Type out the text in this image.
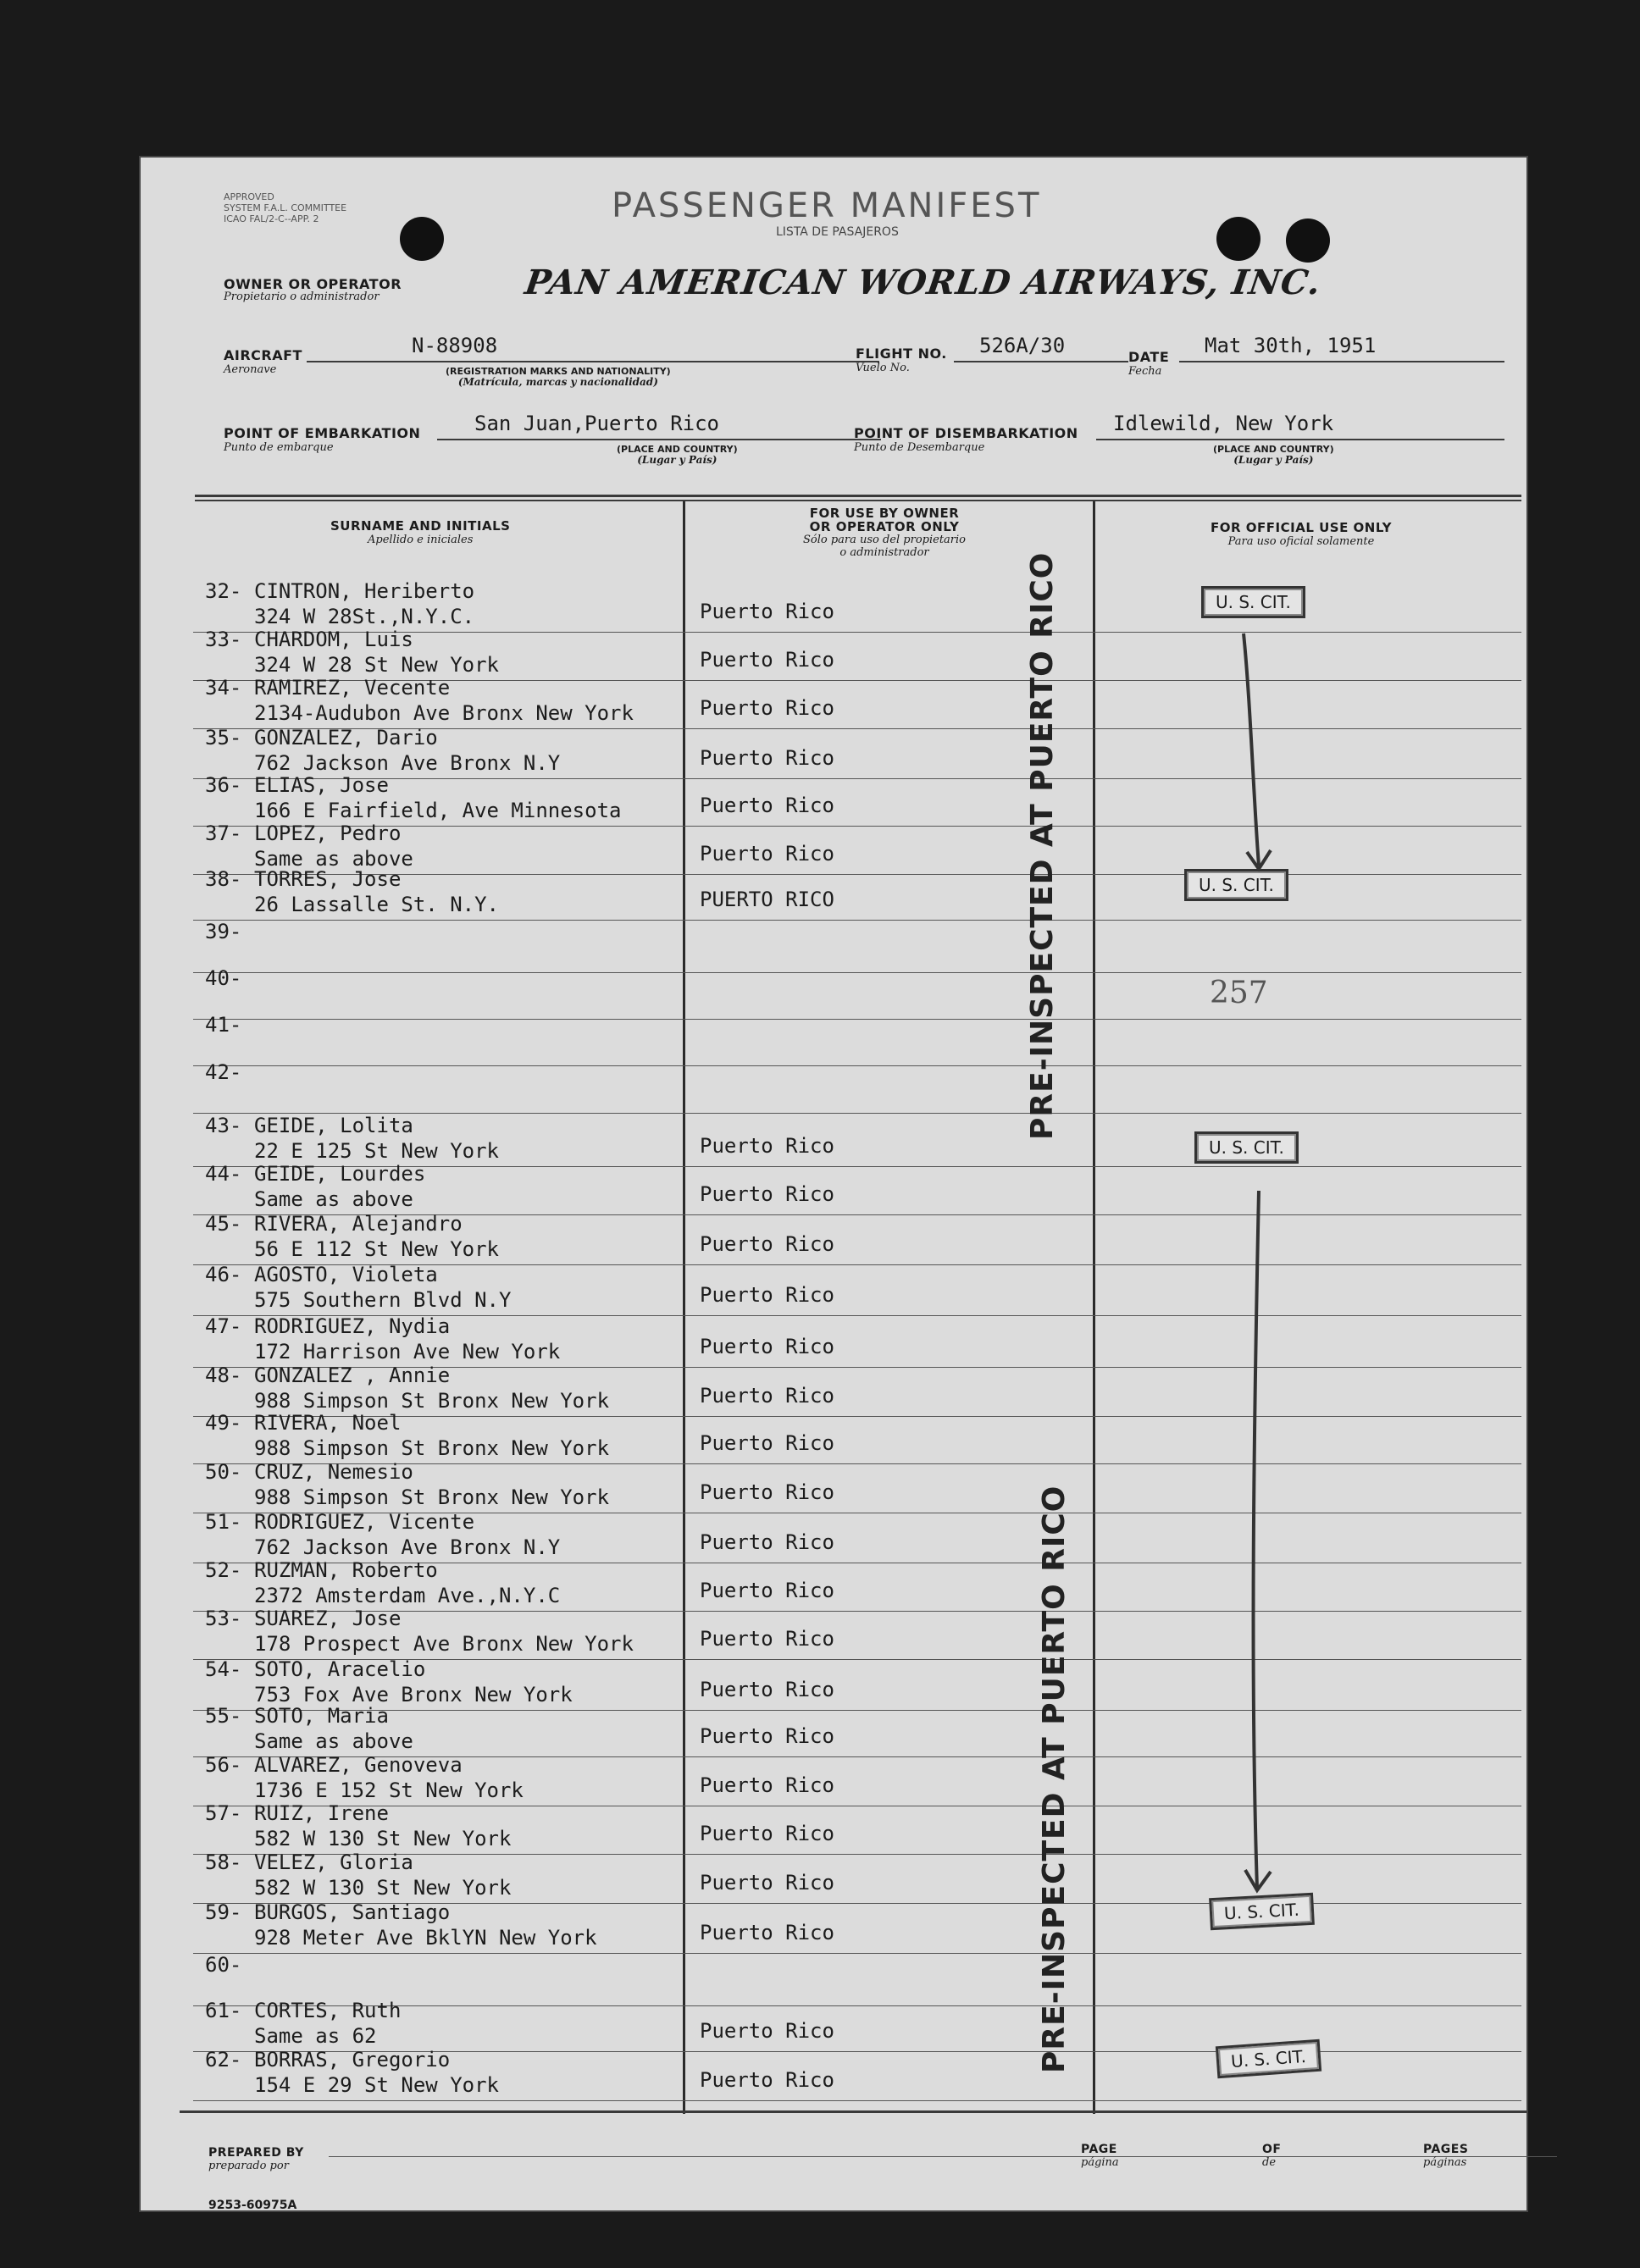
APPROVED
SYSTEM F.A.L. COMMITTEE
ICAO FAL/2-C--APP. 2	PASSENGER MANIFEST
LISTA DE PASAJEROS
OWNER OR OPERATOR
Propietario o administrador	PAN AMERICAN WORLD AIRWAYS, INC.
AIRCRAFT
Aeronave
N-88908
(REGISTRATION MARKS AND NATIONALITY)
(Matrícula, marcas y nacionalidad)
FLIGHT NO.
Vuelo No.
526A/30	DATE
Fecha
Mat 30th, 1951
POINT OF EMBARKATION
Punto de embarque
San Juan,Puerto Rico
(PLACE AND COUNTRY)
(Lugar y País)
POINT OF DISEMBARKATION
Punto de Desembarque
Idlewild, New York
(PLACE AND COUNTRY)
(Lugar y País)
SURNAME AND INITIALS
Apellido e iniciales
FOR USE BY OWNER
OR OPERATOR ONLY
Sólo para uso del propietario
o administrador
FOR OFFICIAL USE ONLY
Para uso oficial solamente
32- CINTRON, Heriberto
324 W 28St.,N.Y.C.	Puerto Rico
33- CHARDOM, Luis
324 W 28 St New York	Puerto Rico
34- RAMIREZ, Vecente
2134-Audubon Ave Bronx New York	Puerto Rico
35- GONZALEZ, Dario
762 Jackson Ave Bronx N.Y	Puerto Rico
36- ELIAS, Jose
166 E Fairfield, Ave Minnesota	Puerto Rico
37- LOPEZ, Pedro
Same as above	Puerto Rico
38- TORRES, Jose
26 Lassalle St. N.Y.	PUERTO RICO
39-
40-
41-
42-
43- GEIDE, Lolita
22 E 125 St New York	Puerto Rico
44- GEIDE, Lourdes
Same as above	Puerto Rico
45- RIVERA, Alejandro
56 E 112 St New York	Puerto Rico
46- AGOSTO, Violeta
575 Southern Blvd N.Y	Puerto Rico
47- RODRIGUEZ, Nydia
172 Harrison Ave New York	Puerto Rico
48- GONZALEZ , Annie
988 Simpson St Bronx New York	Puerto Rico
49- RIVERA, Noel
988 Simpson St Bronx New York	Puerto Rico
50- CRUZ, Nemesio
988 Simpson St Bronx New York	Puerto Rico
51- RODRIGUEZ, Vicente
762 Jackson Ave Bronx N.Y	Puerto Rico
52- RUZMAN, Roberto
2372 Amsterdam Ave.,N.Y.C	Puerto Rico
53- SUAREZ, Jose
178 Prospect Ave Bronx New York	Puerto Rico
54- SOTO, Aracelio
753 Fox Ave Bronx New York	Puerto Rico
55- SOTO, Maria
Same as above	Puerto Rico
56- ALVAREZ, Genoveva
1736 E 152 St New York	Puerto Rico
57- RUIZ, Irene
582 W 130 St New York	Puerto Rico
58- VELEZ, Gloria
582 W 130 St New York	Puerto Rico
59- BURGOS, Santiago
928 Meter Ave BklYN New York	Puerto Rico
60-
61- CORTES, Ruth
Same as 62	Puerto Rico
62- BORRAS, Gregorio
154 E 29 St New York	Puerto Rico
U. S. CIT.
U. S. CIT.
U. S. CIT.
U. S. CIT.
U. S. CIT.
257
PRE-INSPECTED AT PUERTO RICO
PRE-INSPECTED AT PUERTO RICO
PREPARED BY
preparado por
PAGE
página
OF
de
PAGES
páginas
9253-60975A
